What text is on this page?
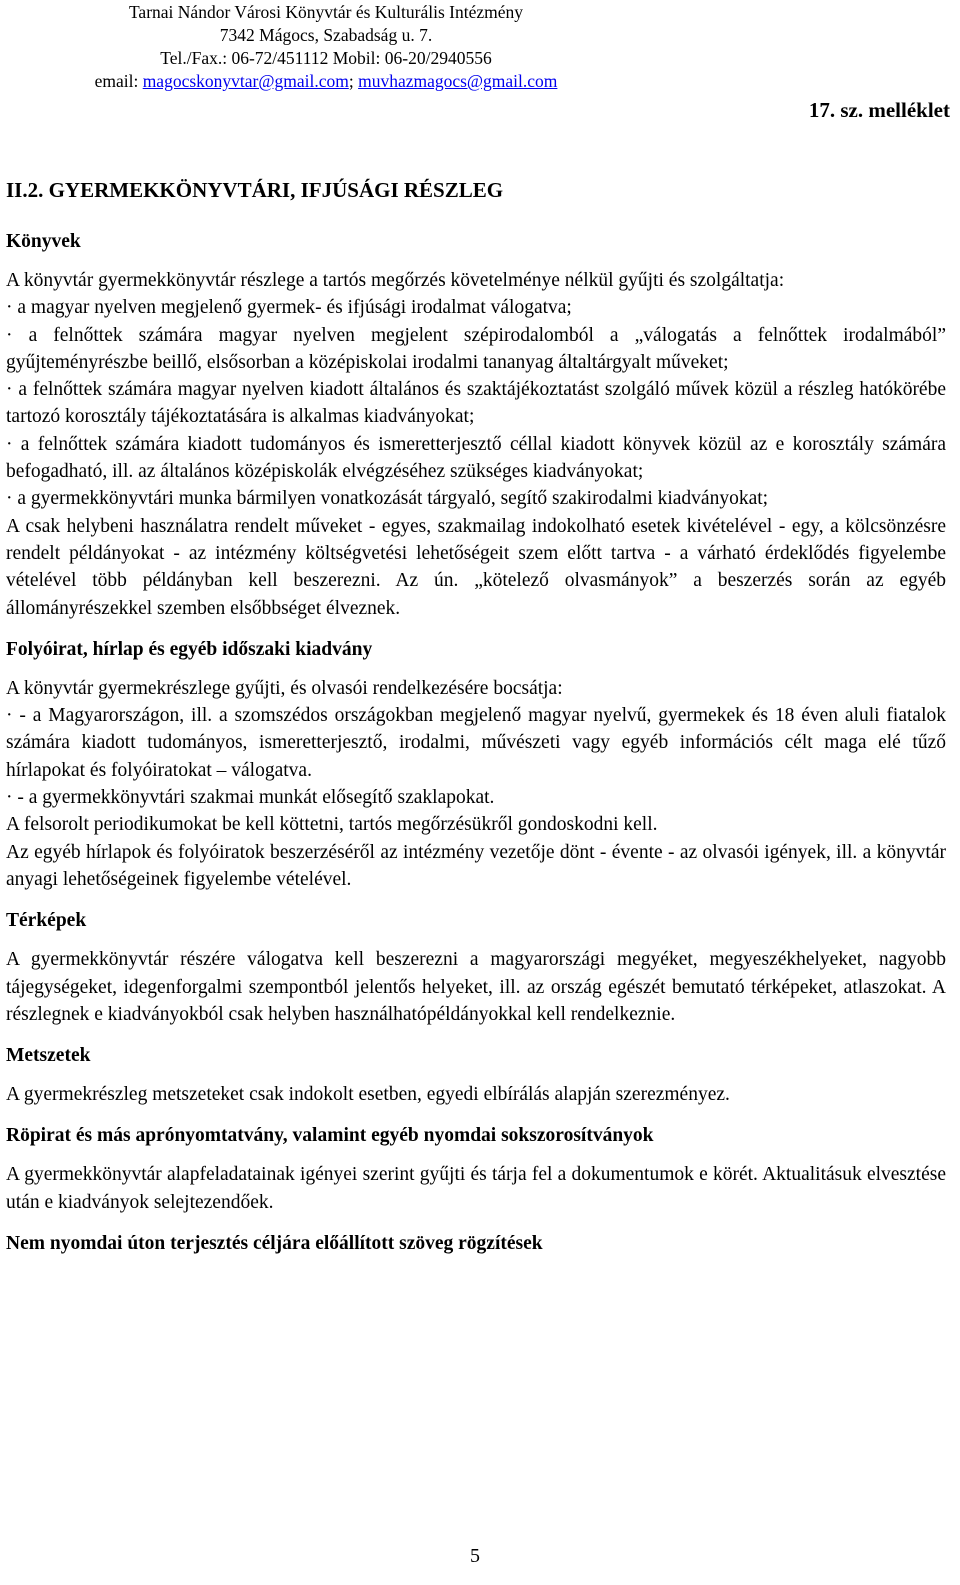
Tarnai Nándor Városi Könyvtár és Kulturális Intézmény
7342 Mágocs, Szabadság u. 7.
Tel./Fax.: 06-72/451112 Mobil: 06-20/2940556
email: magocskonyvtar@gmail.com; muvhazmagocs@gmail.com
17. sz. melléklet
II.2. GYERMEKKÖNYVTÁRI, IFJÚSÁGI RÉSZLEG
Könyvek

A könyvtár gyermekkönyvtár részlege a tartós megőrzés követelménye nélkül gyűjti és szolgáltatja:

· a magyar nyelven megjelenő gyermek- és ifjúsági irodalmat válogatva;

· a felnőttek számára magyar nyelven megjelent szépirodalomból a „válogatás a felnőttek irodalmából” gyűjteményrészbe beillő, elsősorban a középiskolai irodalmi tananyag általtárgyalt műveket;

· a felnőttek számára magyar nyelven kiadott általános és szaktájékoztatást szolgáló művek közül a részleg hatókörébe tartozó korosztály tájékoztatására is alkalmas kiadványokat;

· a felnőttek számára kiadott tudományos és ismeretterjesztő céllal kiadott könyvek közül az e korosztály számára befogadható, ill. az általános középiskolák elvégzéséhez szükséges kiadványokat;

· a gyermekkönyvtári munka bármilyen vonatkozását tárgyaló, segítő szakirodalmi kiadványokat;

A csak helybeni használatra rendelt műveket - egyes, szakmailag indokolható esetek kivételével - egy, a kölcsönzésre rendelt példányokat - az intézmény költségvetési lehetőségeit szem előtt tartva - a várható érdeklődés figyelembe vételével több példányban kell beszerezni. Az ún. „kötelező olvasmányok” a beszerzés során az egyéb állományrészekkel szemben elsőbbséget élveznek.

Folyóirat, hírlap és egyéb időszaki kiadvány

A könyvtár gyermekrészlege gyűjti, és olvasói rendelkezésére bocsátja:

· - a Magyarországon, ill. a szomszédos országokban megjelenő magyar nyelvű, gyermekek és 18 éven aluli fiatalok számára kiadott tudományos, ismeretterjesztő, irodalmi, művészeti vagy egyéb információs célt maga elé tűző hírlapokat és folyóiratokat – válogatva.

· - a gyermekkönyvtári szakmai munkát elősegítő szaklapokat.

A felsorolt periodikumokat be kell köttetni, tartós megőrzésükről gondoskodni kell.

Az egyéb hírlapok és folyóiratok beszerzéséről az intézmény vezetője dönt - évente - az olvasói igények, ill. a könyvtár anyagi lehetőségeinek figyelembe vételével.

Térképek

A gyermekkönyvtár részére válogatva kell beszerezni a magyarországi megyéket, megyeszékhelyeket, nagyobb tájegységeket, idegenforgalmi szempontból jelentős helyeket, ill. az ország egészét bemutató térképeket, atlaszokat. A részlegnek e kiadványokból csak helyben használhatópéldányokkal kell rendelkeznie.

Metszetek

A gyermekrészleg metszeteket csak indokolt esetben, egyedi elbírálás alapján szerezményez.

Röpirat és más aprónyomtatvány, valamint egyéb nyomdai sokszorosítványok

A gyermekkönyvtár alapfeladatainak igényei szerint gyűjti és tárja fel a dokumentumok e körét. Aktualitásuk elvesztése után e kiadványok selejtezendőek.

Nem nyomdai úton terjesztés céljára előállított szöveg rögzítések
5
